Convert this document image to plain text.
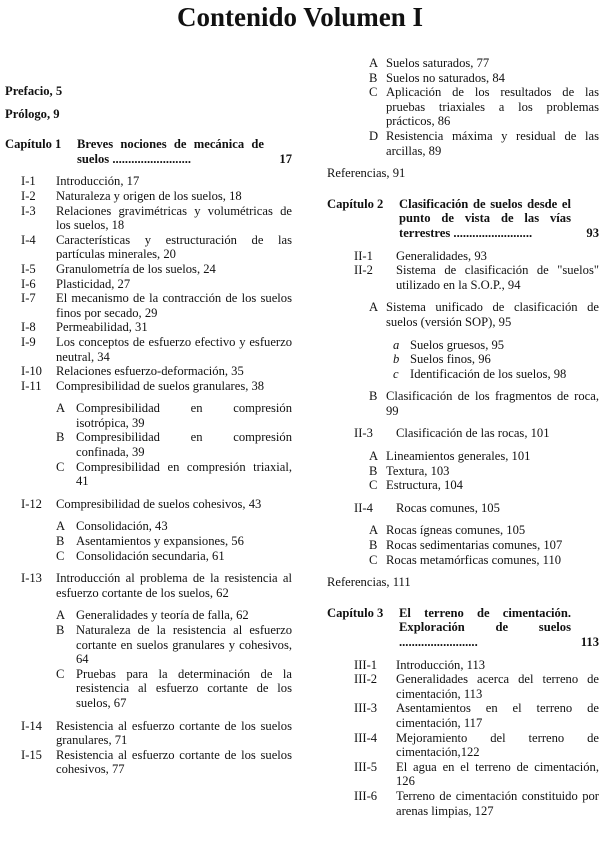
Contenido Volumen I
Prefacio, 5
Prólogo, 9
Capítulo 1	Breves nociones de mecánica de suelos .........................	17
I-1	Introducción, 17
I-2	Naturaleza y origen de los suelos, 18
I-3	Relaciones gravimétricas y volumétricas de los suelos, 18
I-4	Características y estructuración de las partículas minerales, 20
I-5	Granulometría de los suelos, 24
I-6	Plasticidad, 27
I-7	El mecanismo de la contracción de los suelos finos por secado, 29
I-8	Permeabilidad, 31
I-9	Los conceptos de esfuerzo efectivo y esfuerzo neutral, 34
I-10	Relaciones esfuerzo-deformación, 35
I-11	Compresibilidad de suelos granulares, 38
A Compresibilidad en compresión isotrópica, 39
B Compresibilidad en compresión confinada, 39
C Compresibilidad en compresión triaxial, 41
I-12	Compresibilidad de suelos cohesivos, 43
A Consolidación, 43
B Asentamientos y expansiones, 56
C Consolidación secundaria, 61
I-13	Introducción al problema de la resistencia al esfuerzo cortante de los suelos, 62
A Generalidades y teoría de falla, 62
B Naturaleza de la resistencia al esfuerzo cortante en suelos granulares y cohesivos, 64
C Pruebas para la determinación de la resistencia al esfuerzo cortante de los suelos, 67
I-14	Resistencia al esfuerzo cortante de los suelos granulares, 71
I-15	Resistencia al esfuerzo cortante de los suelos cohesivos, 77
A Suelos saturados, 77
B Suelos no saturados, 84
C Aplicación de los resultados de las pruebas triaxiales a los problemas prácticos, 86
D Resistencia máxima y residual de las arcillas, 89
Referencias, 91
Capítulo 2	Clasificación de suelos desde el punto de vista de las vías terrestres .........................	93
II-1	Generalidades, 93
II-2	Sistema de clasificación de "suelos" utilizado en la S.O.P., 94
A Sistema unificado de clasificación de suelos (versión SOP), 95
a Suelos gruesos, 95
b Suelos finos, 96
c Identificación de los suelos, 98
B Clasificación de los fragmentos de roca, 99
II-3	Clasificación de las rocas, 101
A Lineamientos generales, 101
B Textura, 103
C Estructura, 104
II-4	Rocas comunes, 105
A Rocas ígneas comunes, 105
B Rocas sedimentarias comunes, 107
C Rocas metamórficas comunes, 110
Referencias, 111
Capítulo 3	El terreno de cimentación. Exploración de suelos .........................	113
III-1	Introducción, 113
III-2	Generalidades acerca del terreno de cimentación, 113
III-3	Asentamientos en el terreno de cimentación, 117
III-4	Mejoramiento del terreno de cimentación,122
III-5	El agua en el terreno de cimentación, 126
III-6	Terreno de cimentación constituido por arenas limpias, 127
